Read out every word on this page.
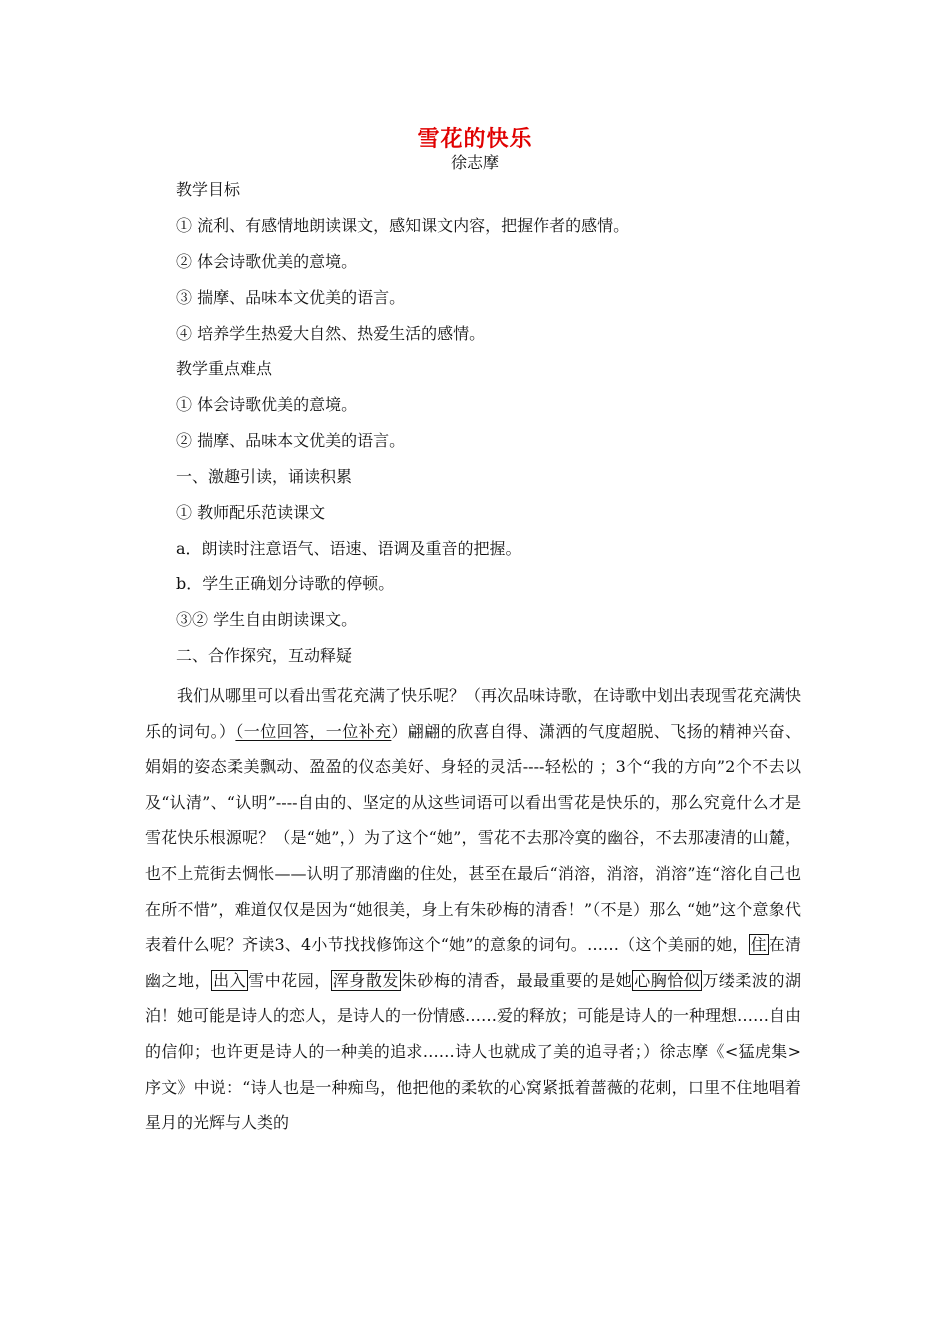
雪花的快乐
徐志摩
教学目标
① 流利、有感情地朗读课文，感知课文内容，把握作者的感情。
② 体会诗歌优美的意境。
③ 揣摩、品味本文优美的语言。
④ 培养学生热爱大自然、热爱生活的感情。
教学重点难点
① 体会诗歌优美的意境。
② 揣摩、品味本文优美的语言。
一、激趣引读，诵读积累
① 教师配乐范读课文
a．朗读时注意语气、语速、语调及重音的把握。
b．学生正确划分诗歌的停顿。
③② 学生自由朗读课文。
二、合作探究，互动释疑
我们从哪里可以看出雪花充满了快乐呢？（再次品味诗歌，在诗歌中划出表现雪花充满快乐的词句。）（一位回答，一位补充）翩翩的欣喜自得、潇洒的气度超脱、飞扬的精神兴奋、娟娟的姿态柔美飘动、盈盈的仪态美好、身轻的灵活----轻松的 ；3个“我的方向”2个不去以及“认清”、“认明”----自由的、坚定的从这些词语可以看出雪花是快乐的，那么究竟什么才是雪花快乐根源呢？（是“她”，）为了这个“她”，雪花不去那冷寞的幽谷，不去那凄清的山麓，也不上荒街去惆怅——认明了那清幽的住处，甚至在最后“消溶，消溶，消溶”连“溶化自己也在所不惜”，难道仅仅是因为“她很美，身上有朱砂梅的清香！”（不是）那么 “她”这个意象代表着什么呢？齐读3、4小节找找修饰这个“她”的意象的词句。……（这个美丽的她， 住 在清幽之地， 出入 雪中花园， 浑身散发 朱砂梅的清香，最最重要的是她 心胸恰似 万缕柔波的湖泊！她可能是诗人的恋人，是诗人的一份情感……爱的释放；可能是诗人的一种理想……自由的信仰；也许更是诗人的一种美的追求……诗人也就成了美的追寻者；）徐志摩《<猛虎集>序文》中说：“诗人也是一种痴鸟，他把他的柔软的心窝紧抵着蔷薇的花刺，口里不住地唱着星月的光辉与人类的
